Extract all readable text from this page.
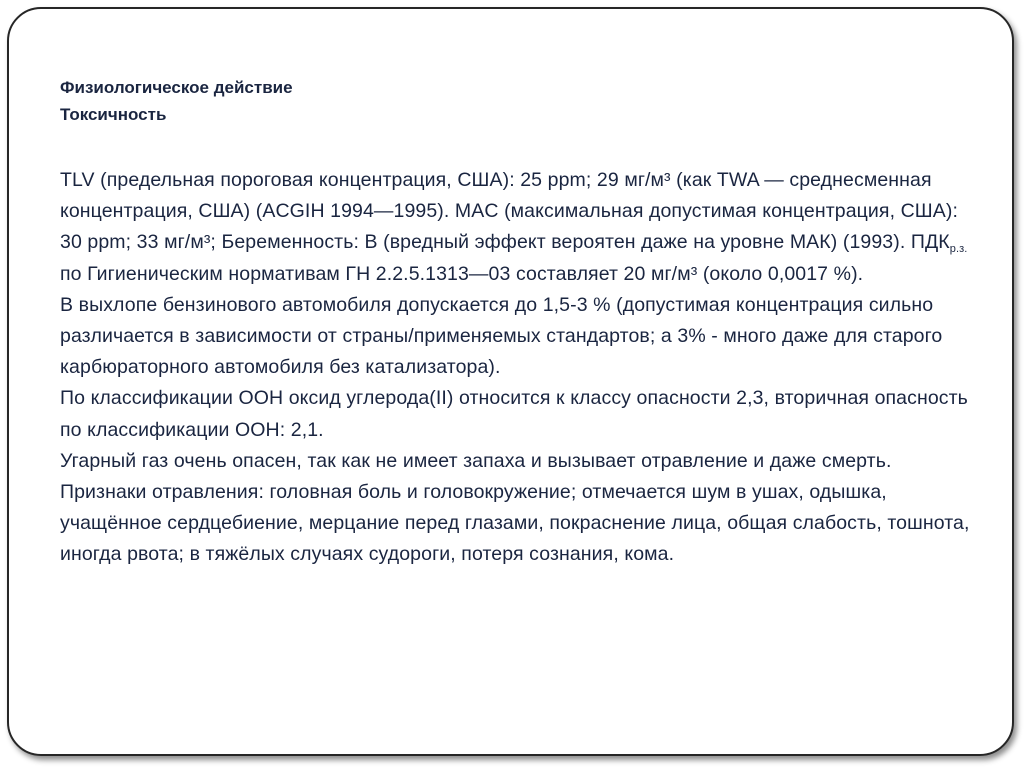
Физиологическое действие
Токсичность

TLV (предельная пороговая концентрация, США): 25 ppm; 29 мг/м³ (как TWA — среднесменная концентрация, США) (ACGIH 1994—1995). MAC (максимальная допустимая концентрация, США): 30 ppm; 33 мг/м³; Беременность: B (вредный эффект вероятен даже на уровне МАК) (1993). $ПДК_{р.з.}$ по Гигиеническим нормативам ГН 2.2.5.1313—03 составляет 20 мг/м³ (около 0,0017 %).

В выхлопе бензинового автомобиля допускается до 1,5-3 % (допустимая концентрация сильно различается в зависимости от страны/применяемых стандартов; а 3% - много даже для старого карбюраторного автомобиля без катализатора).

По классификации ООН оксид углерода(II) относится к классу опасности 2,3, вторичная опасность по классификации ООН: 2,1.

Угарный газ очень опасен, так как не имеет запаха и вызывает отравление и даже смерть. Признаки отравления: головная боль и головокружение; отмечается шум в ушах, одышка, учащённое сердцебиение, мерцание перед глазами, покраснение лица, общая слабость, тошнота, иногда рвота; в тяжёлых случаях судороги, потеря сознания, кома.
